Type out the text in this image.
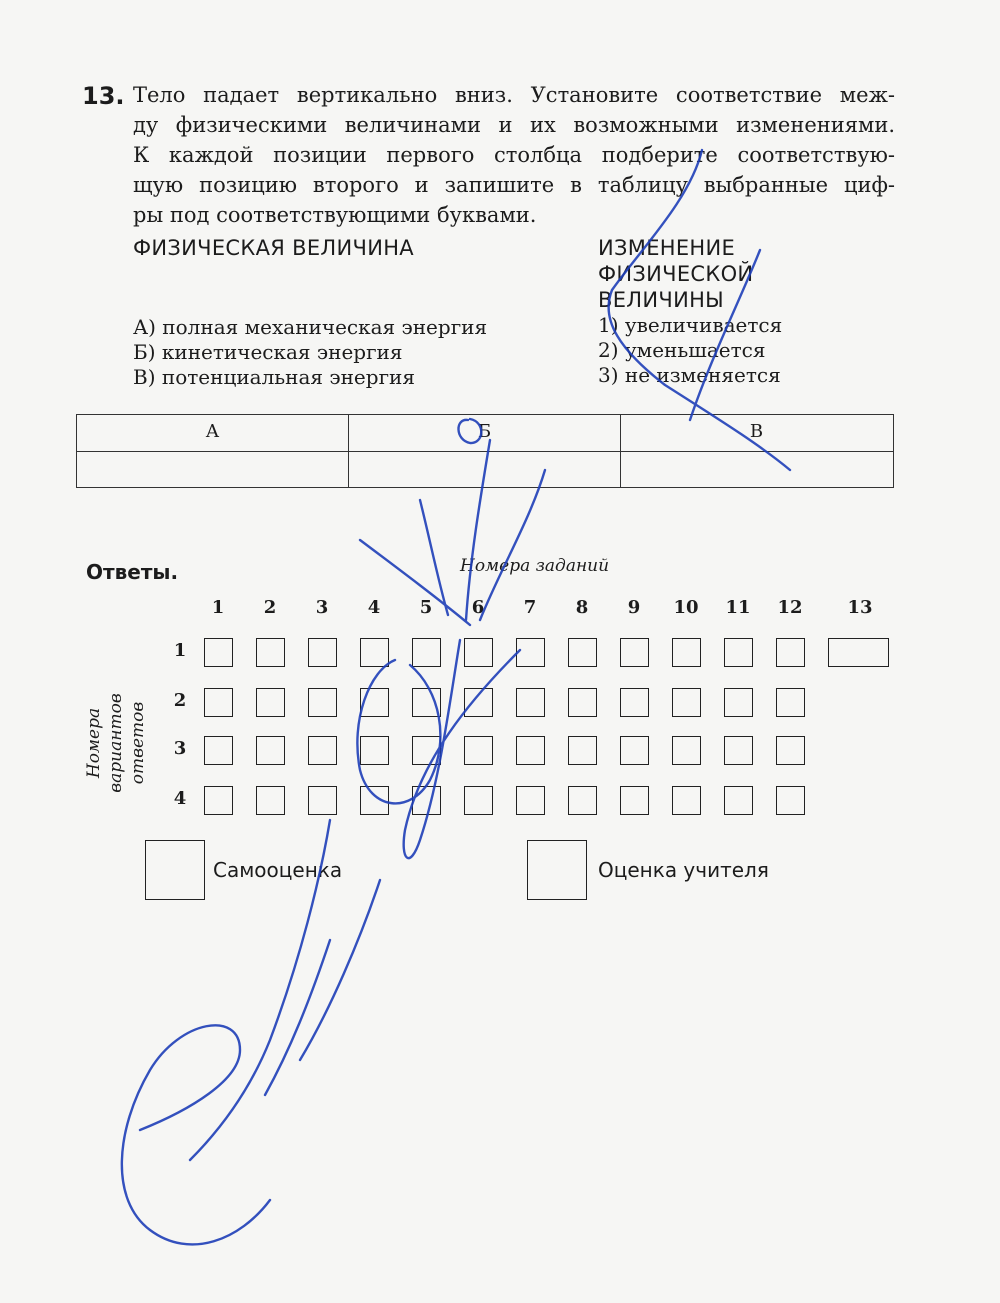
13. Тело падает вертикально вниз. Установите соответствие меж-
ду физическими величинами и их возможными изменениями.
К каждой позиции первого столбца подберите соответствую-
щую позицию второго и запишите в таблицу выбранные циф-
ры под соответствующими буквами.
ФИЗИЧЕСКАЯ ВЕЛИЧИНА	ИЗМЕНЕНИЕ
ФИЗИЧЕСКОЙ
ВЕЛИЧИНЫ
А) полная механическая энергия
Б) кинетическая энергия
В) потенциальная энергия
1) увеличивается
2) уменьшается
3) не изменяется
А	Б	В
Ответы.	Номера заданий
1	2	3	4	5	6	7	8	9	10	11	12	13
1
2
3
4
Номера вариантов ответов
Самооценка	Оценка учителя
